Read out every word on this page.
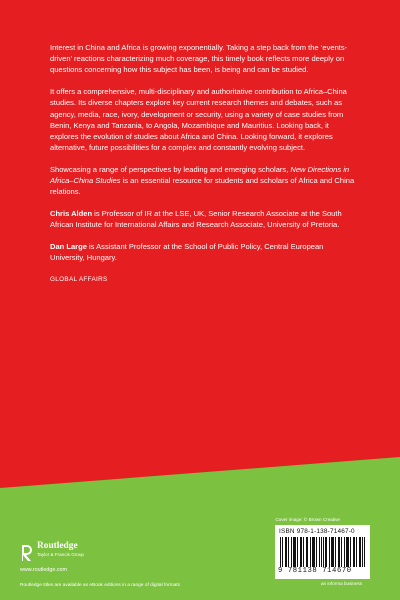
Interest in China and Africa is growing exponentially. Taking a step back from the ‘events-driven’ reactions characterizing much coverage, this timely book reflects more deeply on questions concerning how this subject has been, is being and can be studied.

It offers a comprehensive, multi-disciplinary and authoritative contribution to Africa–China studies. Its diverse chapters explore key current research themes and debates, such as agency, media, race, ivory, development or security, using a variety of case studies from Benin, Kenya and Tanzania, to Angola, Mozambique and Mauritius. Looking back, it explores the evolution of studies about Africa and China. Looking forward, it explores alternative, future possibilities for a complex and constantly evolving subject.

Showcasing a range of perspectives by leading and emerging scholars, New Directions in Africa–China Studies is an essential resource for students and scholars of Africa and China relations.

Chris Alden is Professor of IR at the LSE, UK, Senior Research Associate at the South African Institute for International Affairs and Research Associate, University of Pretoria.

Dan Large is Assistant Professor at the School of Public Policy, Central European University, Hungary.

GLOBAL AFFAIRS
Cover image: © Brown Creative
ISBN 978-1-138-71467-0
9 781138 714670
an informa business
Routledge
Taylor & Francis Group
www.routledge.com
Routledge titles are available as eBook editions in a range of digital formats
